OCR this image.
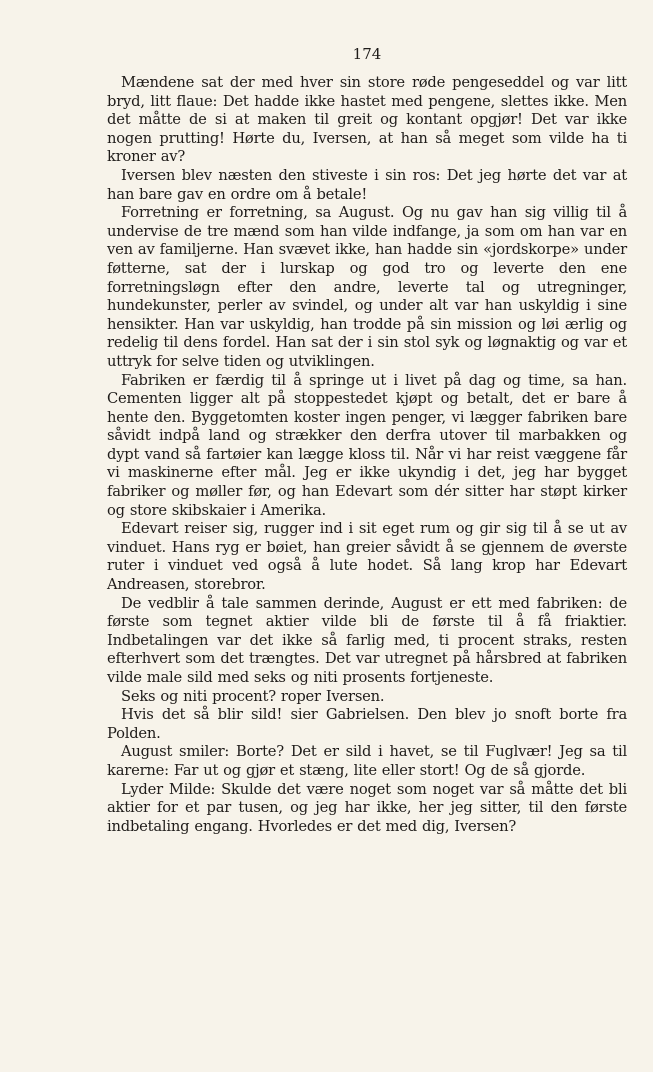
174

Mændene sat der med hver sin store røde pengeseddel og var litt bryd, litt flaue: Det hadde ikke hastet med pengene, slettes ikke. Men det måtte de si at maken til greit og kontant opgjør! Det var ikke nogen prutting! Hørte du, Iversen, at han så meget som vilde ha ti kroner av?

Iversen blev næsten den stiveste i sin ros: Det jeg hørte det var at han bare gav en ordre om å betale!

Forretning er forretning, sa August. Og nu gav han sig villig til å undervise de tre mænd som han vilde indfange, ja som om han var en ven av familjerne. Han svævet ikke, han hadde sin «jordskorpe» under føtterne, sat der i lurskap og god tro og leverte den ene forretningsløgn efter den andre, leverte tal og utregninger, hundekunster, perler av svindel, og under alt var han uskyldig i sine hensikter. Han var uskyldig, han trodde på sin mission og løi ærlig og redelig til dens fordel. Han sat der i sin stol syk og løgnaktig og var et uttryk for selve tiden og utviklingen.

Fabriken er færdig til å springe ut i livet på dag og time, sa han. Cementen ligger alt på stoppestedet kjøpt og betalt, det er bare å hente den. Byggetomten koster ingen penger, vi lægger fabriken bare såvidt indpå land og strækker den derfra utover til marbakken og dypt vand så fartøier kan lægge kloss til. Når vi har reist væggene får vi maskinerne efter mål. Jeg er ikke ukyndig i det, jeg har bygget fabriker og møller før, og han Edevart som dér sitter har støpt kirker og store skibskaier i Amerika.

Edevart reiser sig, rugger ind i sit eget rum og gir sig til å se ut av vinduet. Hans ryg er bøiet, han greier såvidt å se gjennem de øverste ruter i vinduet ved også å lute hodet. Så lang krop har Edevart Andreasen, storebror.

De vedblir å tale sammen derinde, August er ett med fabriken: de første som tegnet aktier vilde bli de første til å få friaktier. Indbetalingen var det ikke så farlig med, ti procent straks, resten efterhvert som det trængtes. Det var utregnet på hårsbred at fabriken vilde male sild med seks og niti prosents fortjeneste.

Seks og niti procent? roper Iversen.

Hvis det så blir sild! sier Gabrielsen. Den blev jo snoft borte fra Polden.

August smiler: Borte? Det er sild i havet, se til Fuglvær! Jeg sa til karerne: Far ut og gjør et stæng, lite eller stort! Og de så gjorde.

Lyder Milde: Skulde det være noget som noget var så måtte det bli aktier for et par tusen, og jeg har ikke, her jeg sitter, til den første indbetaling engang. Hvorledes er det med dig, Iversen?
